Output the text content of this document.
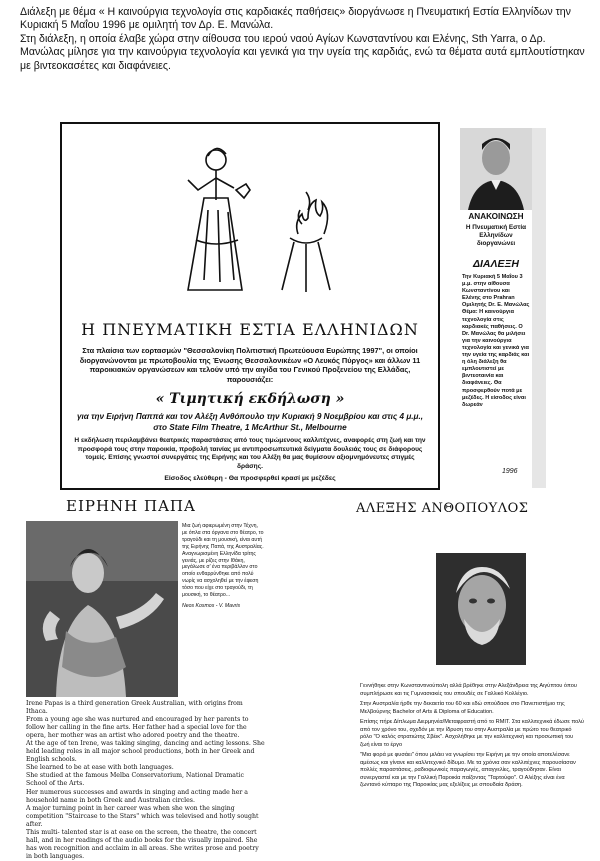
Διάλεξη με θέμα « Η καινούργια τεχνολογία στις καρδιακές παθήσεις» διοργάνωσε η Πνευματική Εστία Ελληνίδων την Κυριακή 5 Μαΐου 1996 με ομιλητή τον Δρ. Ε. Μανώλα.

Στη διάλεξη, η οποία έλαβε χώρα στην αίθουσα του ιερού ναού Αγίων Κωνσταντίνου και Ελένης, Sth Yarra, ο Δρ. Μανώλας μίλησε για την καινούργια τεχνολογία και γενικά για την υγεία της καρδιάς, ενώ τα θέματα αυτά εμπλουτίστηκαν με βιντεοκασέτες και διαφάνειες.

Η ΠΝΕΥΜΑΤΙΚΗ ΕΣΤΙΑ ΕΛΛΗΝΙΔΩΝ
Στα πλαίσια των εορτασμών "Θεσσαλονίκη Πολιτιστική Πρωτεύουσα Ευρώπης 1997", οι οποίοι διοργανώνονται με πρωτοβουλία της Ένωσης Θεσσαλονικέων «Ο Λευκός Πύργος» και άλλων 11 παροικιακών οργανώσεων και τελούν υπό την αιγίδα του Γενικού Προξενείου της Ελλάδας, παρουσιάζει:
« Τιμητική εκδήλωση »
για την Ειρήνη Παππά και τον Αλέξη Ανθόπουλο την Κυριακή 9 Νοεμβρίου και στις 4 μ.μ., στο State Film Theatre, 1 McArthur St., Melbourne
Η εκδήλωση περιλαμβάνει θεατρικές παραστάσεις από τους τιμώμενους καλλιτέχνες, αναφορές στη ζωή και την προσφορά τους στην παροικία, προβολή ταινίας με αντιπροσωπευτικά δείγματα δουλειάς τους σε διάφορους τομείς. Επίσης γνωστοί συνεργάτες της Ειρήνης και του Αλέξη θα μας θυμίσουν αξιομνημόνευτες στιγμές δράσης.
Είσοδος ελεύθερη - Θα προσφερθεί κρασί με μεζέδες
ΑΝΑΚΟΙΝΩΣΗ
Η Πνευματική Εστία Ελληνίδων διοργανώνει
ΔΙΑΛΕΞΗ
Την Κυριακή 5 Μαΐου 3 μ.μ. στην αίθουσα Κωνσταντίνου και Ελένης στο Prahran Ομιλητής Dr. E. Μανώλας Θέμα: Η καινούργια τεχνολογία στις καρδιακές παθήσεις. Ο Dr. Μανώλας θα μιλήσει για την καινούργια τεχνολογία και γενικά για την υγεία της καρδιάς και η όλη διάλεξη θα εμπλουτιστεί με βιντεοταινία και διαφάνειες. Θα προσφερθούν ποτά με μεζέδες. Η είσοδος είναι δωρεάν
1996
ΕΙΡΗΝΗ ΠΑΠΑ
Μια ζωή αφιερωμένη στην Τέχνη, με όπλα στα όργανα στο θέατρο, το τραγούδι και τη μουσική, είναι αυτή της Ειρήνης Παπά, της Αυστραλίας. Αναγνωρισμένη Ελληνίδα τρίτης γενιάς, με ρίζες στην Ιθάκη, μεγάλωσε σ' ένα περιβάλλον στο οποίο ενθαρρύνθηκε από πολύ νωρίς να ασχοληθεί με την έφεση τόσο που είχε στο τραγούδι, τη μουσική, το θέατρο...
Neos Kosmos - V. Mavris

Irene Papas is a third generation Greek Australian, with origins from Ithaca.

From a young age she was nurtured and encouraged by her parents to follow her calling in the fine arts. Her father had a special love for the opera, her mother was an artist who adored poetry and the theatre.

At the age of ten Irene, was taking singing, dancing and acting lessons. She held leading roles in all major school productions, both in her Greek and English schools.

She learned to be at ease with both languages.

She studied at the famous Melba Conservatorium, National Dramatic School of the Arts.

Her numerous successes and awards in singing and acting made her a household name in both Greek and Australian circles.

A major turning point in her career was when she won the singing competition "Staircase to the Stars" which was televised and hotly sought after.

This multi- talented star is at ease on the screen, the theatre, the concert hall, and in her readings of the audio books for the visually impaired. She has won recognition and acclaim in all areas. She writes prose and poetry in both languages.

ΑΛΕΞΗΣ ΑΝΘΟΠΟΥΛΟΣ

Γεννήθηκε στην Κωνσταντινούπολη αλλά βρέθηκε στην Αλεξάνδρεια της Αιγύπτου όπου συμπλήρωσε και τις Γυμνασιακές του σπουδές σε Γαλλικό Κολλέγιο.

Στην Αυστραλία ήρθε την δεκαετία του 60 και εδώ σπούδασε στο Πανεπιστήμιο της Μελβούρνης Bachelor of Arts & Diploma of Education.

Επίσης πήρε Δίπλωμα Διερμηνέα/Μεταφραστή από το RMIT. Στα καλλιτεχνικά έδωσε πολύ από τον χρόνο του, σχεδόν με την ίδρυση του στην Αυστραλία με πρώτο του θεατρικό ρόλο "Ο καλός στρατιώτης Σβέικ". Ασχολήθηκε με την καλλιτεχνική και προσωπική του ζωή είναι το έργο

"Μια φορά με φυσάει" όπου μιλάει να γνωρίσει την Ειρήνη με την οποία αποτελέσανε αμέσως και γίνανε και καλλιτεχνικό δίδυμο. Με τα χρόνια σαν καλλιτέχνες παρουσίασαν πολλές παραστάσεις, ραδιοφωνικές παραγωγές, απαγγελίες, τραγούδησαν. Είναι συνεργαστεί και με την Γαλλική Παροικία παίζοντας "Ταρτούφο". Ο Αλέξης είναι ένα ζωντανό κύτταρο της Παροικίας μας εξελίξεις με σπουδαία δράση.
